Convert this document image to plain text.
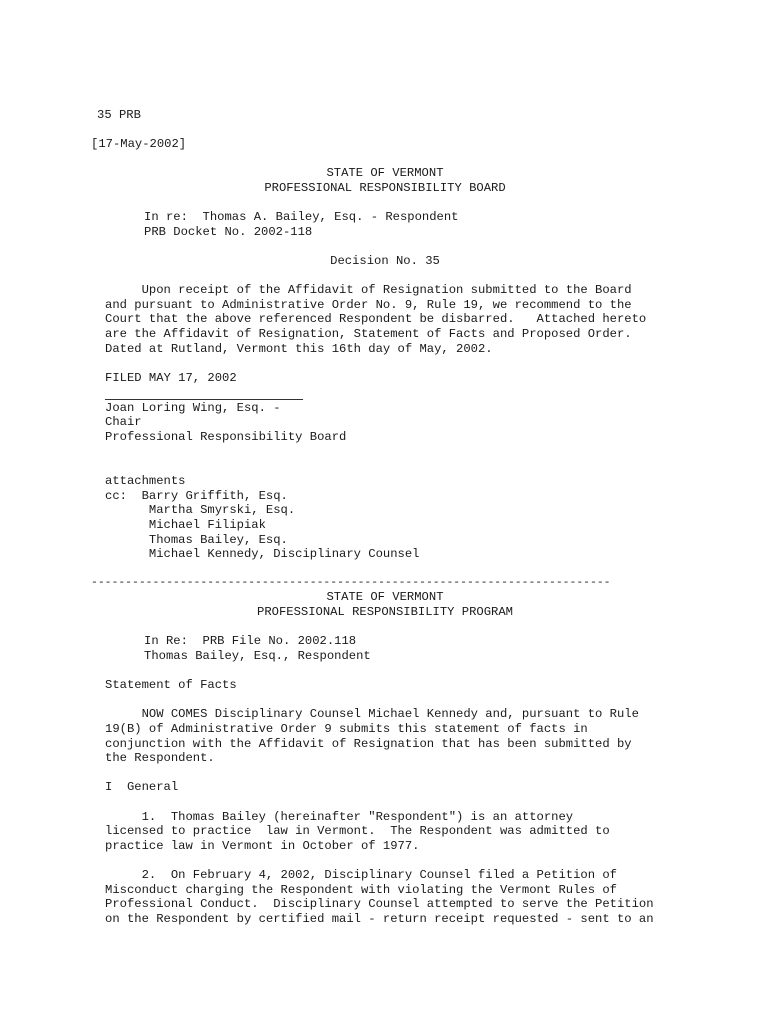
35 PRB
[17-May-2002]
STATE OF VERMONT
PROFESSIONAL RESPONSIBILITY BOARD
In re:  Thomas A. Bailey, Esq. - Respondent
PRB Docket No. 2002-118
Decision No. 35
Upon receipt of the Affidavit of Resignation submitted to the Board
and pursuant to Administrative Order No. 9, Rule 19, we recommend to the
Court that the above referenced Respondent be disbarred.   Attached hereto
are the Affidavit of Resignation, Statement of Facts and Proposed Order.
Dated at Rutland, Vermont this 16th day of May, 2002.
FILED MAY 17, 2002
Joan Loring Wing, Esq. -
Chair
Professional Responsibility Board
attachments
cc:  Barry Griffith, Esq.
Martha Smyrski, Esq.
Michael Filipiak
Thomas Bailey, Esq.
Michael Kennedy, Disciplinary Counsel
----------------------------------------------------------------------------
STATE OF VERMONT
PROFESSIONAL RESPONSIBILITY PROGRAM
In Re:  PRB File No. 2002.118
Thomas Bailey, Esq., Respondent
Statement of Facts
NOW COMES Disciplinary Counsel Michael Kennedy and, pursuant to Rule
19(B) of Administrative Order 9 submits this statement of facts in
conjunction with the Affidavit of Resignation that has been submitted by
the Respondent.
I  General
1.  Thomas Bailey (hereinafter "Respondent") is an attorney
licensed to practice  law in Vermont.  The Respondent was admitted to
practice law in Vermont in October of 1977.
2.  On February 4, 2002, Disciplinary Counsel filed a Petition of
Misconduct charging the Respondent with violating the Vermont Rules of
Professional Conduct.  Disciplinary Counsel attempted to serve the Petition
on the Respondent by certified mail - return receipt requested - sent to an
